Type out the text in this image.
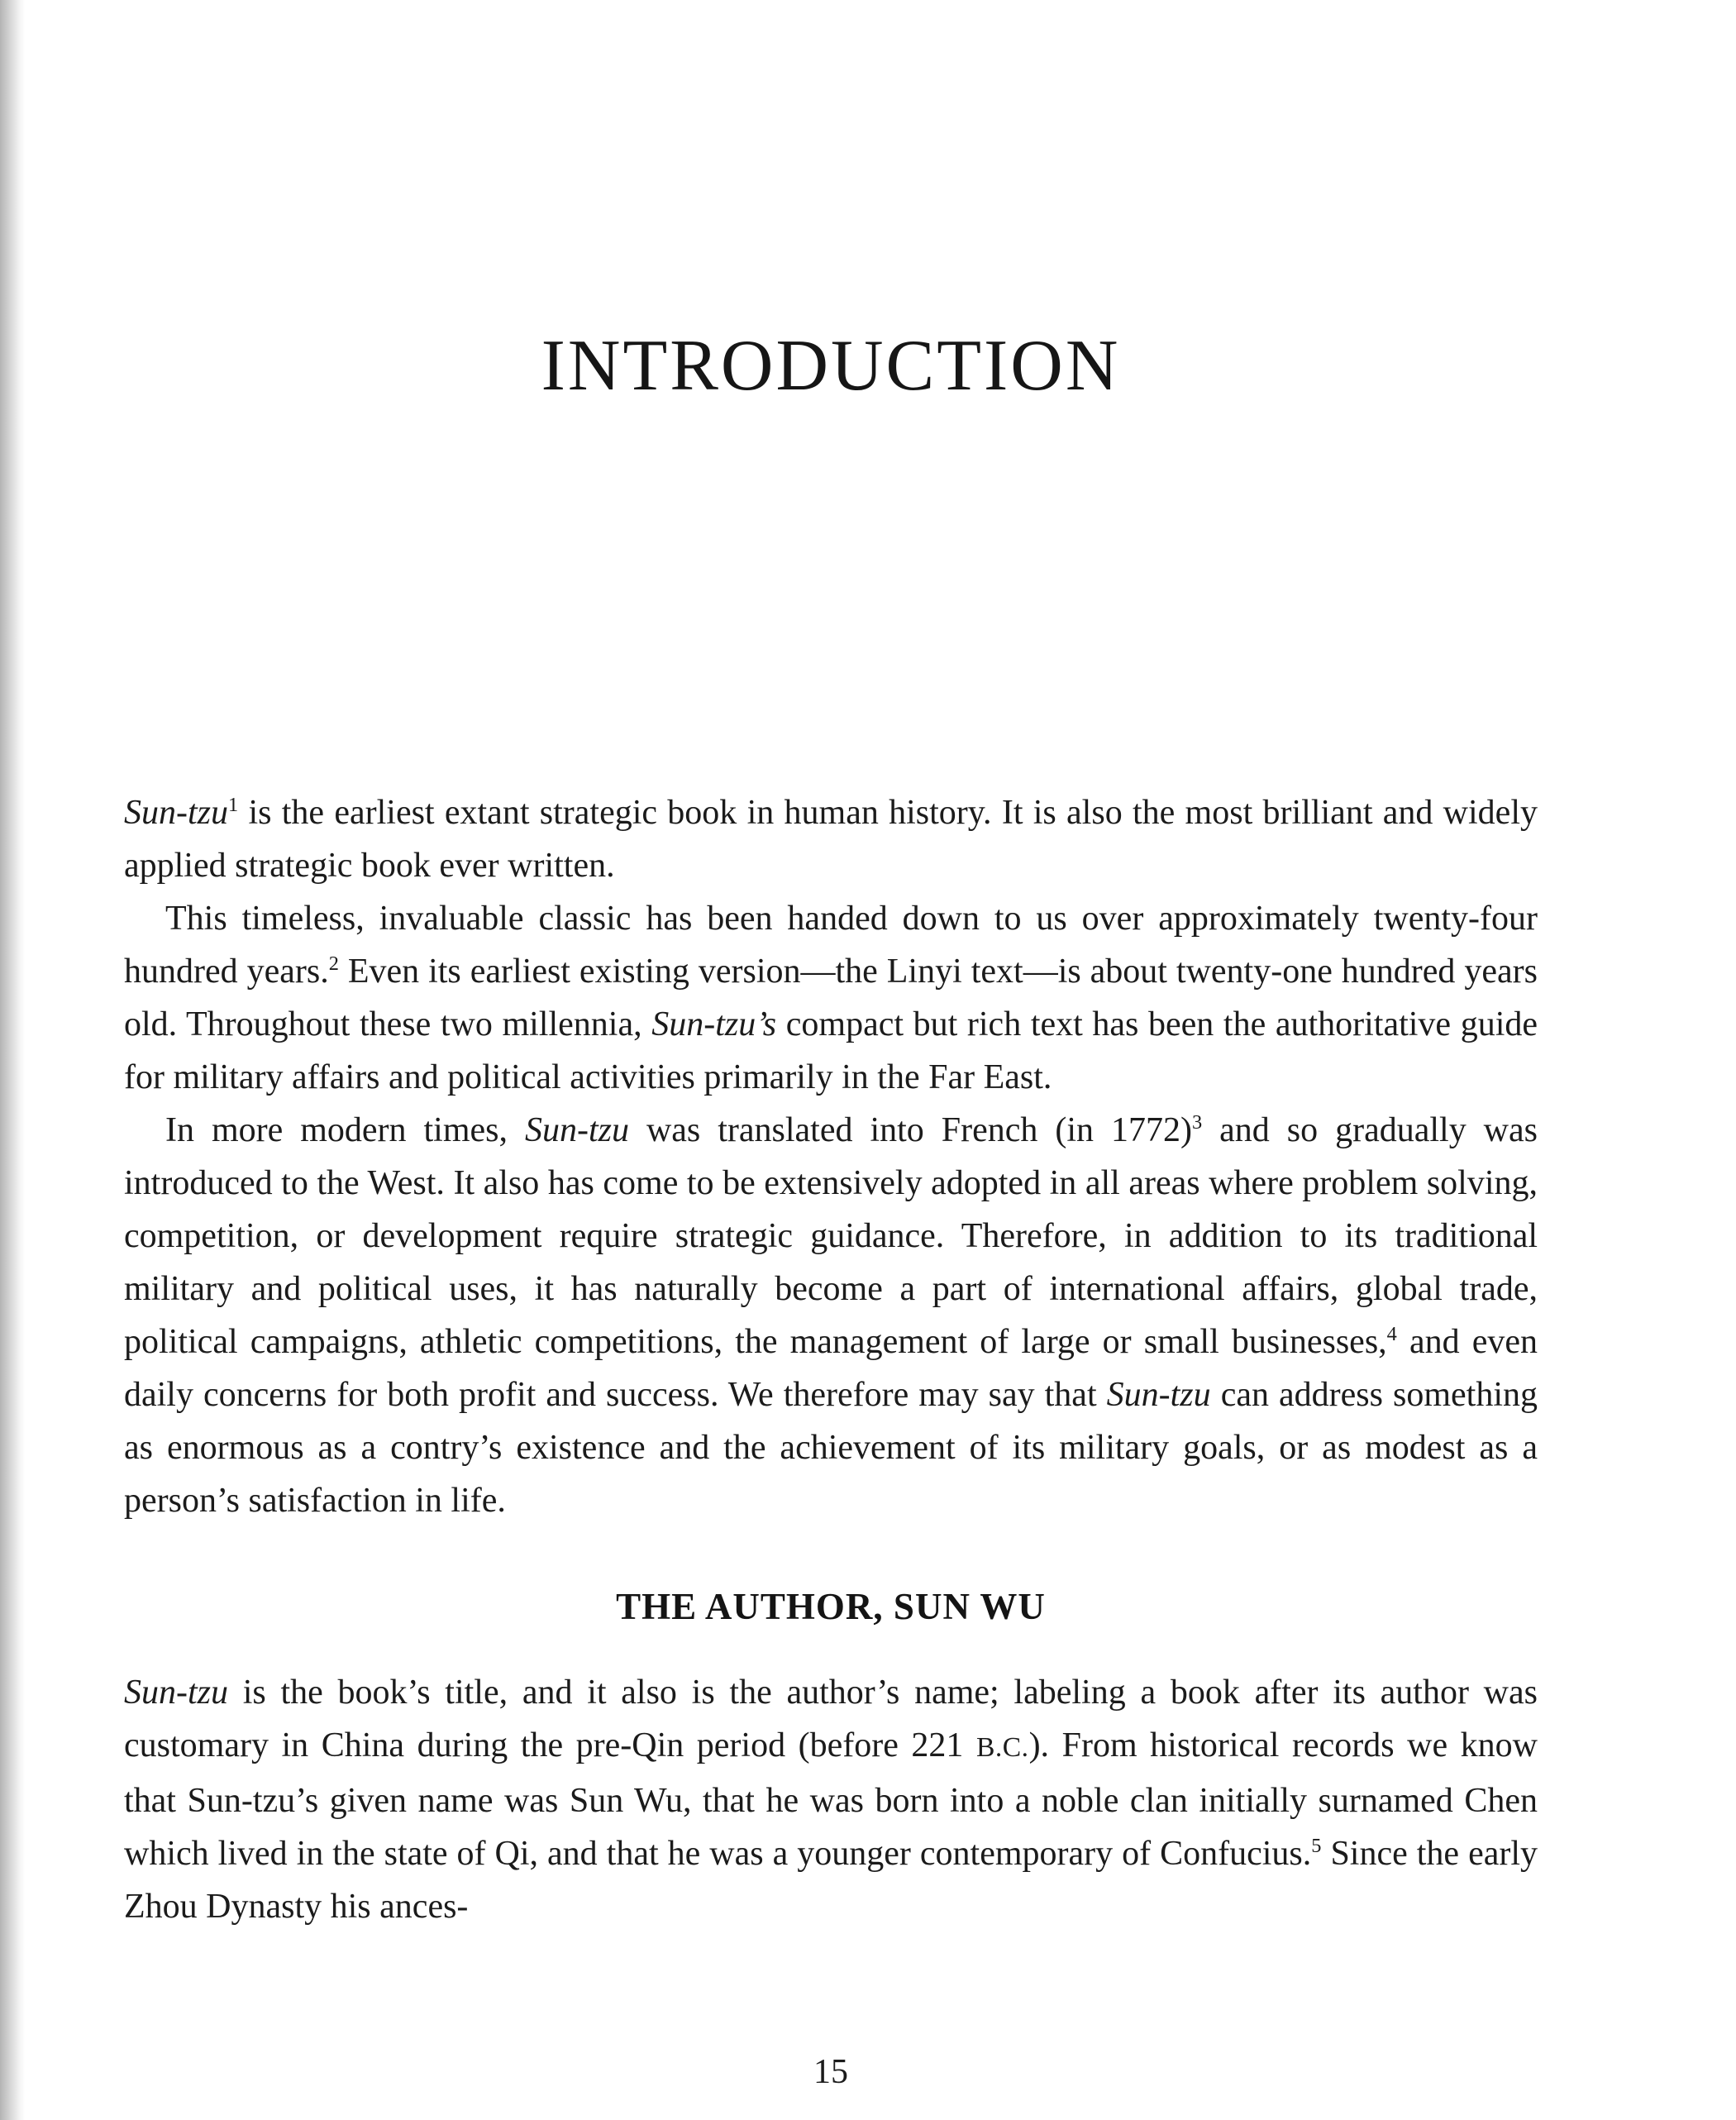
INTRODUCTION

Sun-tzu$^1$ is the earliest extant strategic book in human history. It is also the most brilliant and widely applied strategic book ever written.

This timeless, invaluable classic has been handed down to us over approximately twenty-four hundred years.$^2$ Even its earliest existing version—the Linyi text—is about twenty-one hundred years old. Throughout these two millennia, Sun-tzu’s compact but rich text has been the authoritative guide for military affairs and political activities primarily in the Far East.

In more modern times, Sun-tzu was translated into French (in 1772)$^3$ and so gradually was introduced to the West. It also has come to be extensively adopted in all areas where problem solving, competition, or development require strategic guidance. Therefore, in addition to its traditional military and political uses, it has naturally become a part of international affairs, global trade, political campaigns, athletic competitions, the management of large or small businesses,$^4$ and even daily concerns for both profit and success. We therefore may say that Sun-tzu can address something as enormous as a contry’s existence and the achievement of its military goals, or as modest as a person’s satisfaction in life.

THE AUTHOR, SUN WU

Sun-tzu is the book’s title, and it also is the author’s name; labeling a book after its author was customary in China during the pre-Qin period (before 221 B.C.). From historical records we know that Sun-tzu’s given name was Sun Wu, that he was born into a noble clan initially surnamed Chen which lived in the state of Qi, and that he was a younger contemporary of Confucius.$^5$ Since the early Zhou Dynasty his ances-

15
